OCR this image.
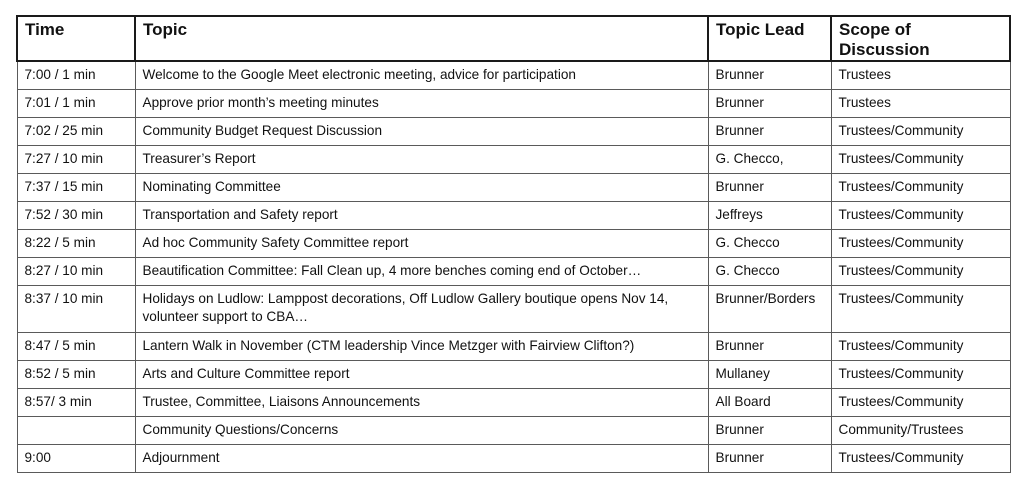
Time	Topic	Topic Lead	Scope of Discussion
7:00 / 1 min	Welcome to the Google Meet electronic meeting, advice for participation	Brunner	Trustees
7:01 / 1 min	Approve prior month’s meeting minutes	Brunner	Trustees
7:02 / 25 min	Community Budget Request Discussion	Brunner	Trustees/Community
7:27 / 10 min	Treasurer’s Report	G. Checco,	Trustees/Community
7:37 / 15 min	Nominating Committee	Brunner	Trustees/Community
7:52 / 30 min	Transportation and Safety report	Jeffreys	Trustees/Community
8:22 / 5 min	Ad hoc Community Safety Committee report	G. Checco	Trustees/Community
8:27 / 10 min	Beautification Committee: Fall Clean up, 4 more benches coming end of October…	G. Checco	Trustees/Community
8:37 / 10 min	Holidays on Ludlow: Lamppost decorations, Off Ludlow Gallery boutique opens Nov 14, volunteer support to CBA…	Brunner/Borders	Trustees/Community
8:47 / 5 min	Lantern Walk in November (CTM leadership Vince Metzger with Fairview Clifton?)	Brunner	Trustees/Community
8:52 / 5 min	Arts and Culture Committee report	Mullaney	Trustees/Community
8:57/ 3 min	Trustee, Committee, Liaisons Announcements	All Board	Trustees/Community
	Community Questions/Concerns	Brunner	Community/Trustees
9:00	Adjournment	Brunner	Trustees/Community
